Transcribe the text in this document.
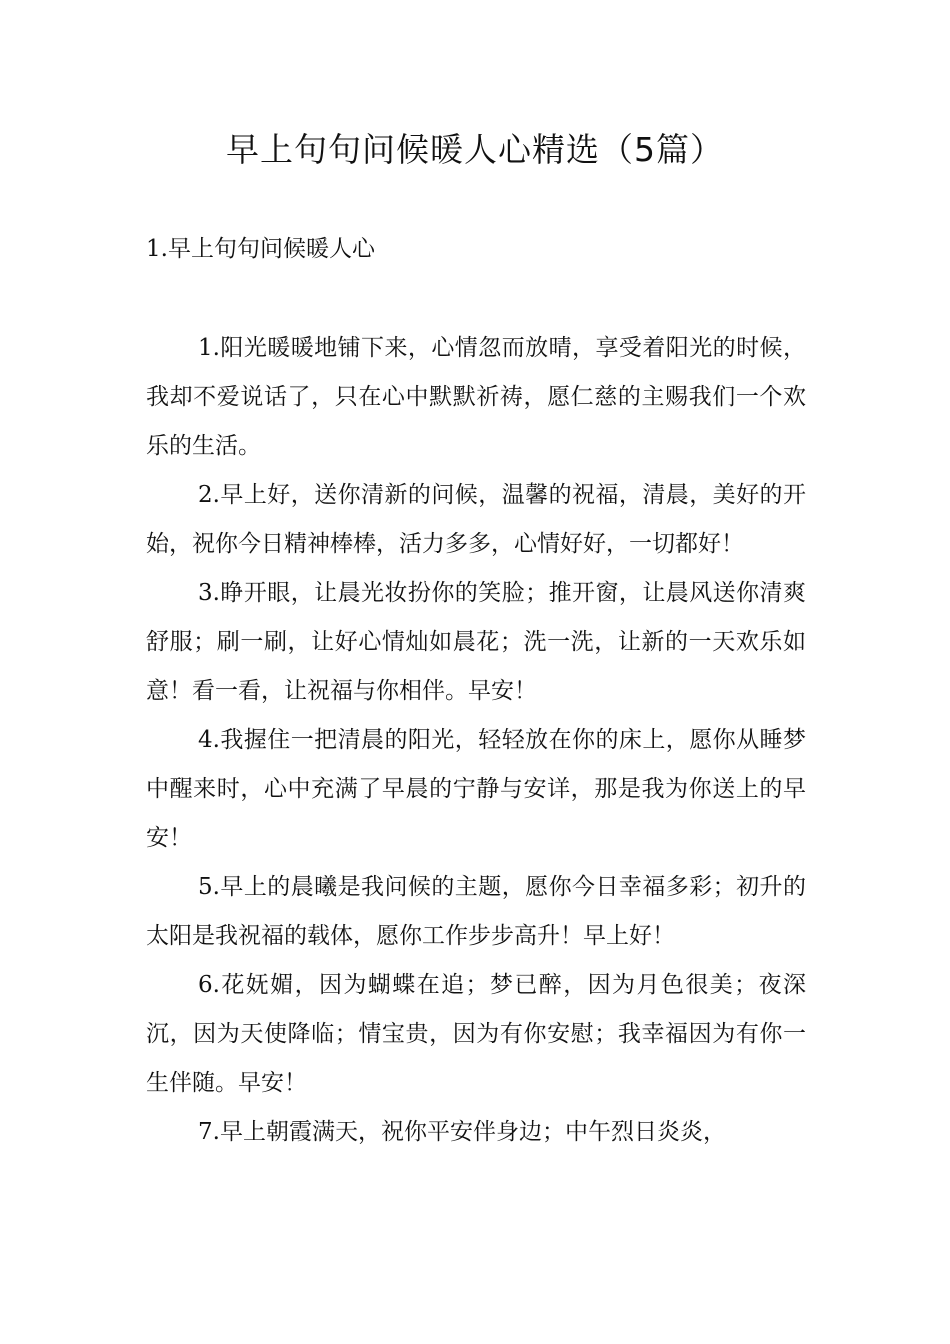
早上句句问候暖人心精选（5篇）

1.早上句句问候暖人心

1.阳光暖暖地铺下来，心情忽而放晴，享受着阳光的时候，我却不爱说话了，只在心中默默祈祷，愿仁慈的主赐我们一个欢乐的生活。

2.早上好，送你清新的问候，温馨的祝福，清晨，美好的开始，祝你今日精神棒棒，活力多多，心情好好，一切都好！

3.睁开眼，让晨光妆扮你的笑脸；推开窗，让晨风送你清爽舒服；刷一刷，让好心情灿如晨花；洗一洗，让新的一天欢乐如意！看一看，让祝福与你相伴。早安！

4.我握住一把清晨的阳光，轻轻放在你的床上，愿你从睡梦中醒来时，心中充满了早晨的宁静与安详，那是我为你送上的早安！

5.早上的晨曦是我问候的主题，愿你今日幸福多彩；初升的太阳是我祝福的载体，愿你工作步步高升！早上好！

6.花妩媚，因为蝴蝶在追；梦已醉，因为月色很美；夜深沉，因为天使降临；情宝贵，因为有你安慰；我幸福因为有你一生伴随。早安！

7.早上朝霞满天，祝你平安伴身边；中午烈日炎炎，
